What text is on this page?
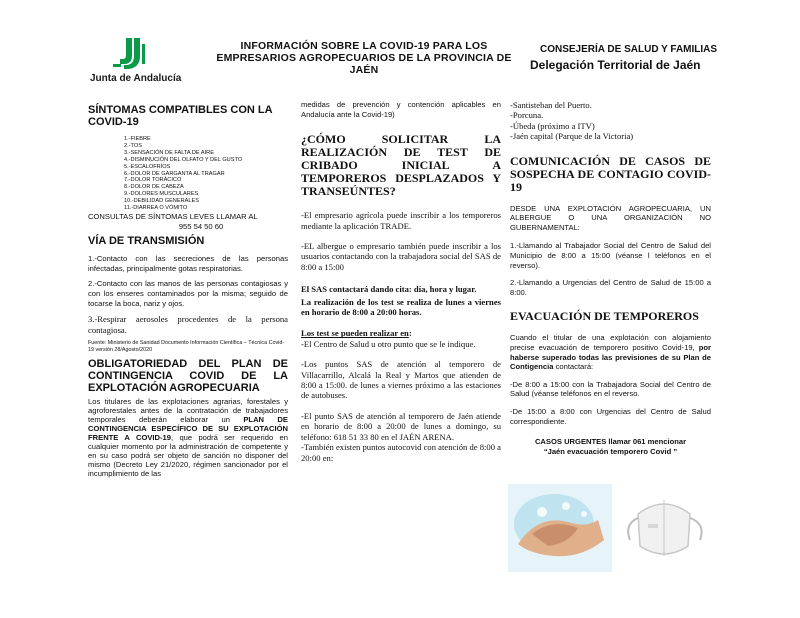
Junta de Andalucía
INFORMACIÓN SOBRE LA COVID-19 PARA LOS
EMPRESARIOS AGROPECUARIOS DE LA PROVINCIA DE
JAÉN
CONSEJERÍA DE SALUD Y FAMILIAS
Delegación Territorial de Jaén
SÍNTOMAS COMPATIBLES CON LA COVID-19
1.-FIEBRE
2.-TOS
3.-SENSACIÓN DE FALTA DE AIRE
4.-DISMINUCIÓN DEL OLFATO Y DEL GUSTO
5.-ESCALOFRÍOS
6.-DOLOR DE GARGANTA AL TRAGAR
7.-DOLOR TORÁCICO
8.-DOLOR DE CABEZA
9.-DOLORES MUSCULARES
10.-DEBILIDAD GENERALES
11.-DIARREA O VÓMITO

CONSULTAS DE SÍNTOMAS LEVES LLAMAR AL

955 54 50 60

VÍA DE TRANSMISIÓN

1.-Contacto con las secreciones de las personas infectadas, principalmente gotas respiratorias.

2.-Contacto con las manos de las personas contagiosas y con los enseres contaminados por la misma; seguido de tocarse la boca, nariz y ojos.

3.-Respirar aerosoles procedentes de la persona contagiosa.

Fuente: Ministerio de Sanidad Documento Información Científica – Técnica Covid-19 versión 28/Agosto/2020

OBLIGATORIEDAD DEL PLAN DE CONTINGENCIA COVID DE LA EXPLOTACIÓN AGROPECUARIA

Los titulares de las explotaciones agrarias, forestales y agroforestales antes de la contratación de trabajadores temporales deberán elaborar un PLAN DE CONTINGENCIA ESPECÍFICO DE SU EXPLOTACIÓN FRENTE A COVID-19, que podrá ser requerido en cualquier momento por la administración de competente y en su caso podrá ser objeto de sanción no disponer del mismo (Decreto Ley 21/2020, régimen sancionador por el incumplimiento de las

medidas de prevención y contención aplicables en Andalucía ante la Covid-19)

¿CÓMO SOLICITAR LA REALIZACIÓN DE TEST DE CRIBADO INICIAL A TEMPOREROS DESPLAZADOS Y TRANSEÚNTES?

-El empresario agrícola puede inscribir a los temporeros mediante la aplicación TRADE.

-EL albergue o empresario también puede inscribir a los usuarios contactando con la trabajadora social del SAS de 8:00 a 15:00

El SAS contactará dando cita: día, hora y lugar.

La realización de los test se realiza de lunes a viernes en horario de 8:00 a 20:00 horas.

Los test se pueden realizar en:

-El Centro de Salud u otro punto que se le indique.

-Los puntos SAS de atención al temporero de Villacarrillo, Alcalá la Real y Martos que atienden de 8:00 a 15:00. de lunes a viernes próximo a las estaciones de autobuses.

-El punto SAS de atención al temporero de Jaén atiende en horario de 8:00 a 20:00 de lunes a domingo, su teléfono: 618 51 33 80 en el JAÉN ARENA.

-También existen puntos autocovid con atención de 8:00 a 20:00 en:

-Santisteban del Puerto.

-Porcuna.

-Úbeda (próximo a ITV)

-Jaén capital (Parque de la Victoria)

COMUNICACIÓN DE CASOS DE SOSPECHA DE CONTAGIO COVID-19

DESDE UNA EXPLOTACIÓN AGROPECUARIA, UN ALBERGUE O UNA ORGANIZACIÓN NO GUBERNAMENTAL:

1.-Llamando al Trabajador Social del Centro de Salud del Municipio de 8:00 a 15:00 (véanse l teléfonos en el reverso).

2.-Llamando a Urgencias del Centro de Salud de 15:00 a 8:00.

EVACUACIÓN DE TEMPOREROS

Cuando el titular de una explotación con alojamiento precise evacuación de temporero positivo Covid-19, por haberse superado todas las previsiones de su Plan de Contigencia contactará:

-De 8:00 a 15:00 con la Trabajadora Social del Centro de Salud (véanse teléfonos en el reverso.

-De 15:00 a 8:00 con Urgencias del Centro de Salud correspondiente.

CASOS URGENTES llamar 061 mencionar

“Jaén evacuación temporero Covid ”
